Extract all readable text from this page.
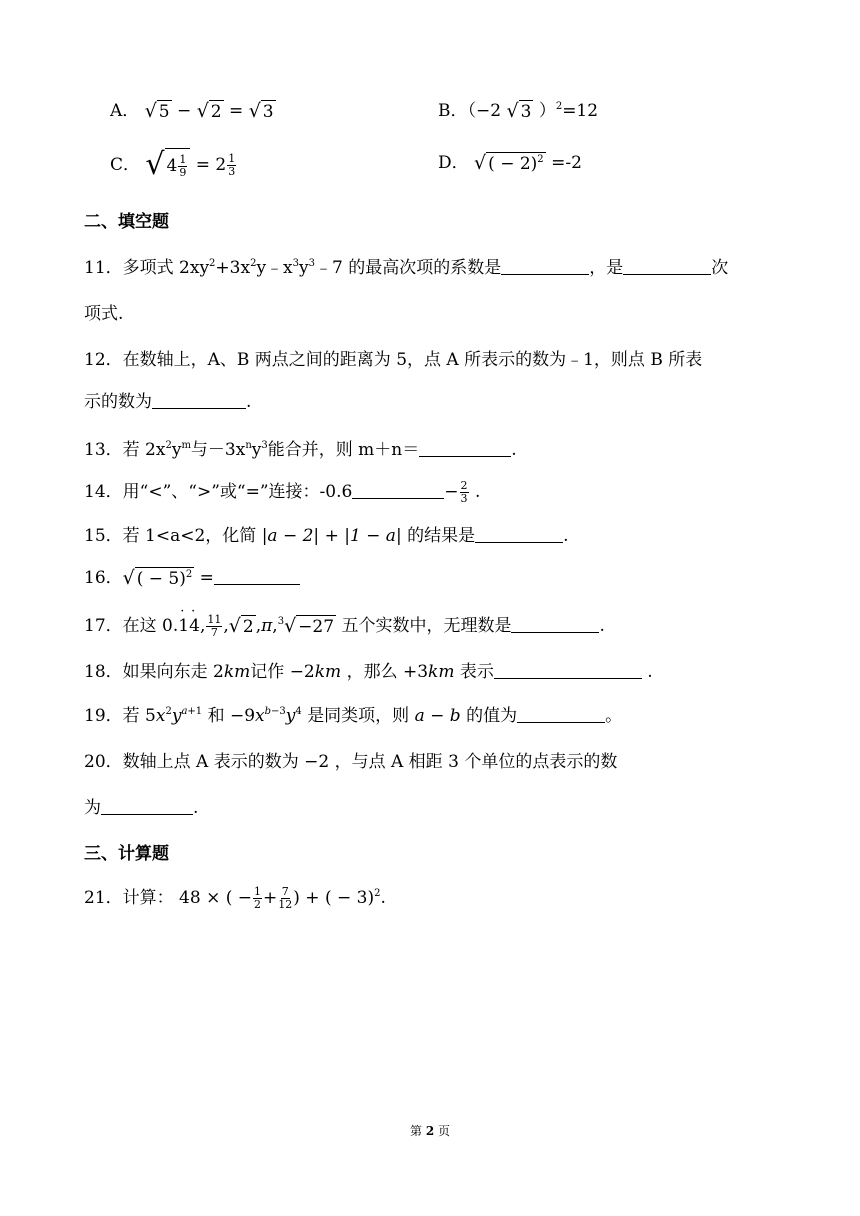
A． √ 5 − √ 2 = √ 3	B．（−2 √ 3 ）$^2$=12
C． √ $4 \frac{1}{9} = 2 \frac{1}{3}$	D． √ ( − 2)$^2$ =-2
二、填空题
11．多项式 $2xy^2+3x^2y﹣x^3y^3﹣7$ 的最高次项的系数是	，是	次
项式.
12．在数轴上，A、B 两点之间的距离为 5，点 A 所表示的数为﹣1，则点 B 所表
示的数为	.
13．若 $2x^2y^m$与$-3x^ny^3$能合并，则 m＋n＝	.
14．用“<”、“>”或“=”连接：-0.6	− $\frac{2}{3}$ .
15．若 1<a<2，化简 |a − 2| + |1 − a| 的结果是	.
16． √ ( − 5)$^2$ =
17．在这 0.· 1· 4, $\frac{11}{7}$ , √ 2 ,π,$^3$ √ −27 五个实数中，无理数是	.
18．如果向东走 2km记作 −2km ，那么 +3km 表示	.
19．若 $5x^2y^{a+1}$ 和 $-9x^{b-3}y^4$ 是同类项，则 a − b 的值为	。
20．数轴上点 A 表示的数为 −2 ，与点 A 相距 3 个单位的点表示的数
为	.
三、计算题
21．计算： 48 × ( − $\frac{1}{2} + \frac{7}{12}$ ) + ( − 3)$^2$.
第 2 页
